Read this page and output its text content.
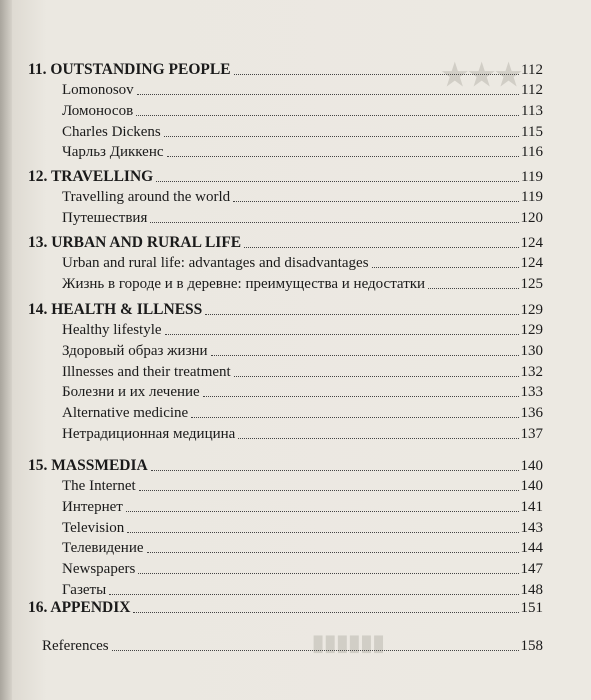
★★★
▮▮▮▮▮▮
11. OUTSTANDING PEOPLE	112
Lomonosov	112
Ломоносов	113
Charles Dickens	115
Чарльз Диккенс	116
12. TRAVELLING	119
Travelling around the world	119
Путешествия	120
13. URBAN AND RURAL LIFE	124
Urban and rural life: advantages and disadvantages	124
Жизнь в городе и в деревне: преимущества и недостатки	125
14. HEALTH & ILLNESS	129
Healthy lifestyle	129
Здоровый образ жизни	130
Illnesses and their treatment	132
Болезни и их лечение	133
Alternative medicine	136
Нетрадиционная медицина	137
15. MASSMEDIA	140
The Internet	140
Интернет	141
Television	143
Телевидение	144
Newspapers	147
Газеты	148
16. APPENDIX	151
References	158
